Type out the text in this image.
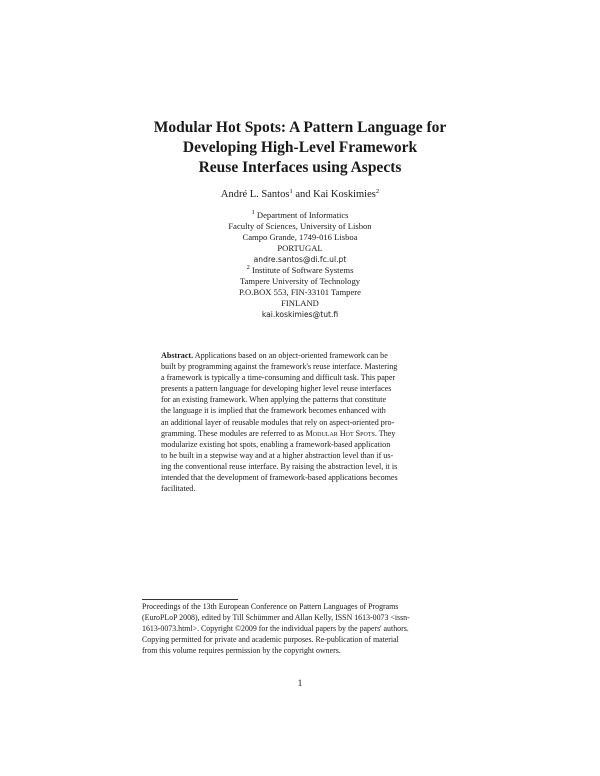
Modular Hot Spots: A Pattern Language for
Developing High-Level Framework
Reuse Interfaces using Aspects
André L. Santos$^1$ and Kai Koskimies$^2$
$^1$ Department of Informatics
Faculty of Sciences, University of Lisbon
Campo Grande, 1749-016 Lisboa
PORTUGAL
andre.santos@di.fc.ul.pt
$^2$ Institute of Software Systems
Tampere University of Technology
P.O.BOX 553, FIN-33101 Tampere
FINLAND
kai.koskimies@tut.fi
Abstract. Applications based on an object-oriented framework can be
built by programming against the framework's reuse interface. Mastering
a framework is typically a time-consuming and difficult task. This paper
presents a pattern language for developing higher level reuse interfaces
for an existing framework. When applying the patterns that constitute
the language it is implied that the framework becomes enhanced with
an additional layer of reusable modules that rely on aspect-oriented pro-
gramming. These modules are referred to as Modular Hot Spots. They
modularize existing hot spots, enabling a framework-based application
to be built in a stepwise way and at a higher abstraction level than if us-
ing the conventional reuse interface. By raising the abstraction level, it is
intended that the development of framework-based applications becomes
facilitated.
Proceedings of the 13th European Conference on Pattern Languages of Programs
(EuroPLoP 2008), edited by Till Schümmer and Allan Kelly, ISSN 1613-0073 <issn-
1613-0073.html>. Copyright ©2009 for the individual papers by the papers' authors.
Copying permitted for private and academic purposes. Re-publication of material
from this volume requires permission by the copyright owners.
1
